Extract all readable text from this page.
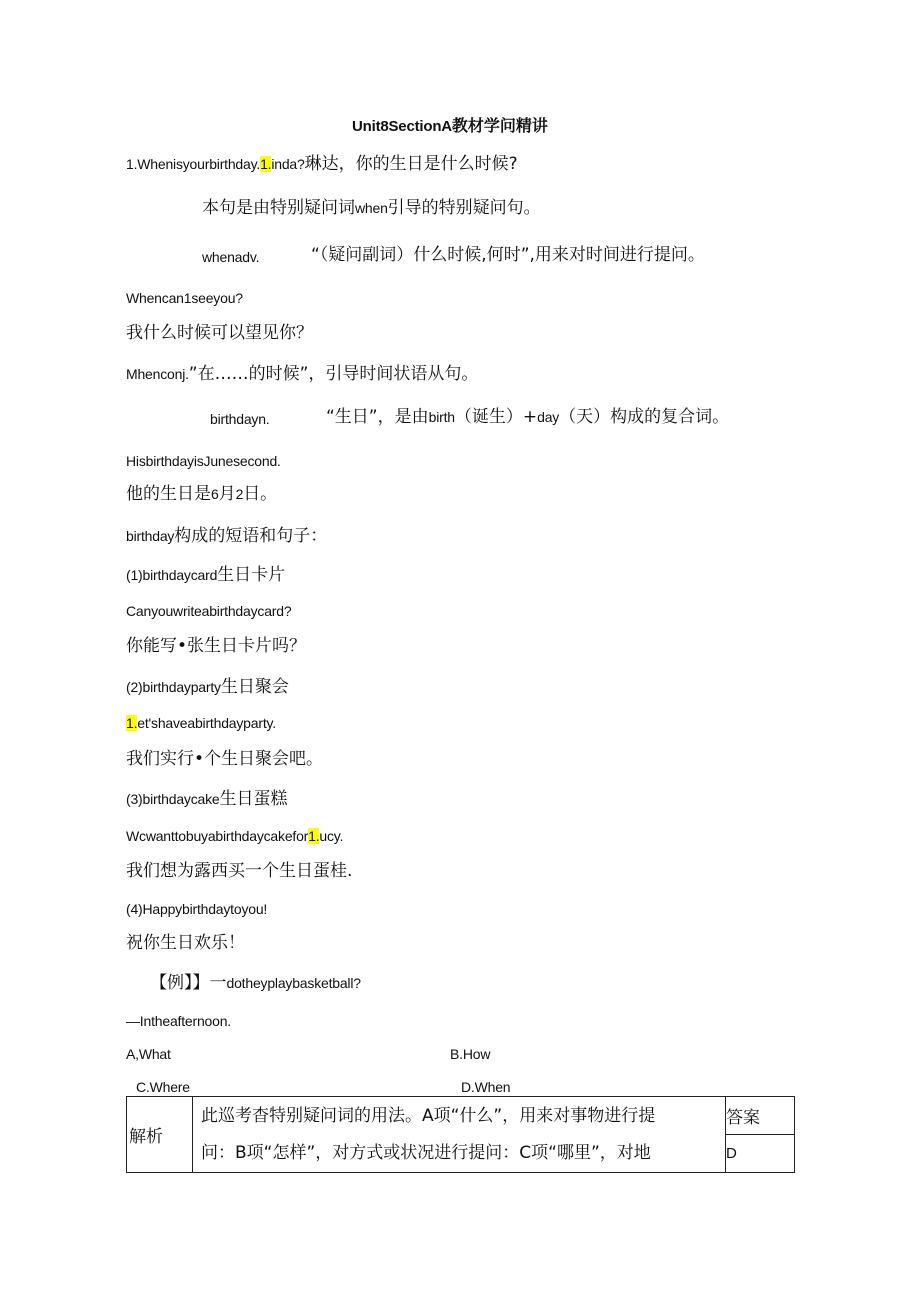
Unit8SectionA教材学问精讲
1.Whenisyourbirthday.1.inda?琳达，你的生日是什么时候?
本句是由特别疑问词when引导的特别疑问句。
whenadv.	“（疑问副词）什么时候,何时”,用来对时间进行提问。
Whencan1seeyou?
我什么时候可以望见你？
Mhenconj.”在……的时候”，引导时间状语从句。
birthdayn.	“生日”，是由birth（诞生）+day（天）构成的复合词。
HisbirthdayisJunesecond.
他的生日是6月2日。
birthday构成的短语和句子：
(1)birthdaycard生日卡片
Canyouwriteabirthdaycard?
你能写•张生日卡片吗？
(2)birthdayparty生日聚会
1.et'shaveabirthdayparty.
我们实行•个生日聚会吧。
(3)birthdaycake生日蛋糕
Wcwanttobuyabirthdaycakefor1.ucy.
我们想为露西买一个生日蛋桂.
(4)Happybirthdaytoyou!
祝你生日欢乐！
【例】】一dotheyplaybasketball?
—Intheafternoon.
A,What	B.How
C.Where	D.When
解析	
此巡考杳特别疑问词的用法。A项“什么”，用来对事物进行提
问：B项“怎样”，对方式或状况进行提问：C项“哪里”，对地
	答案
D
